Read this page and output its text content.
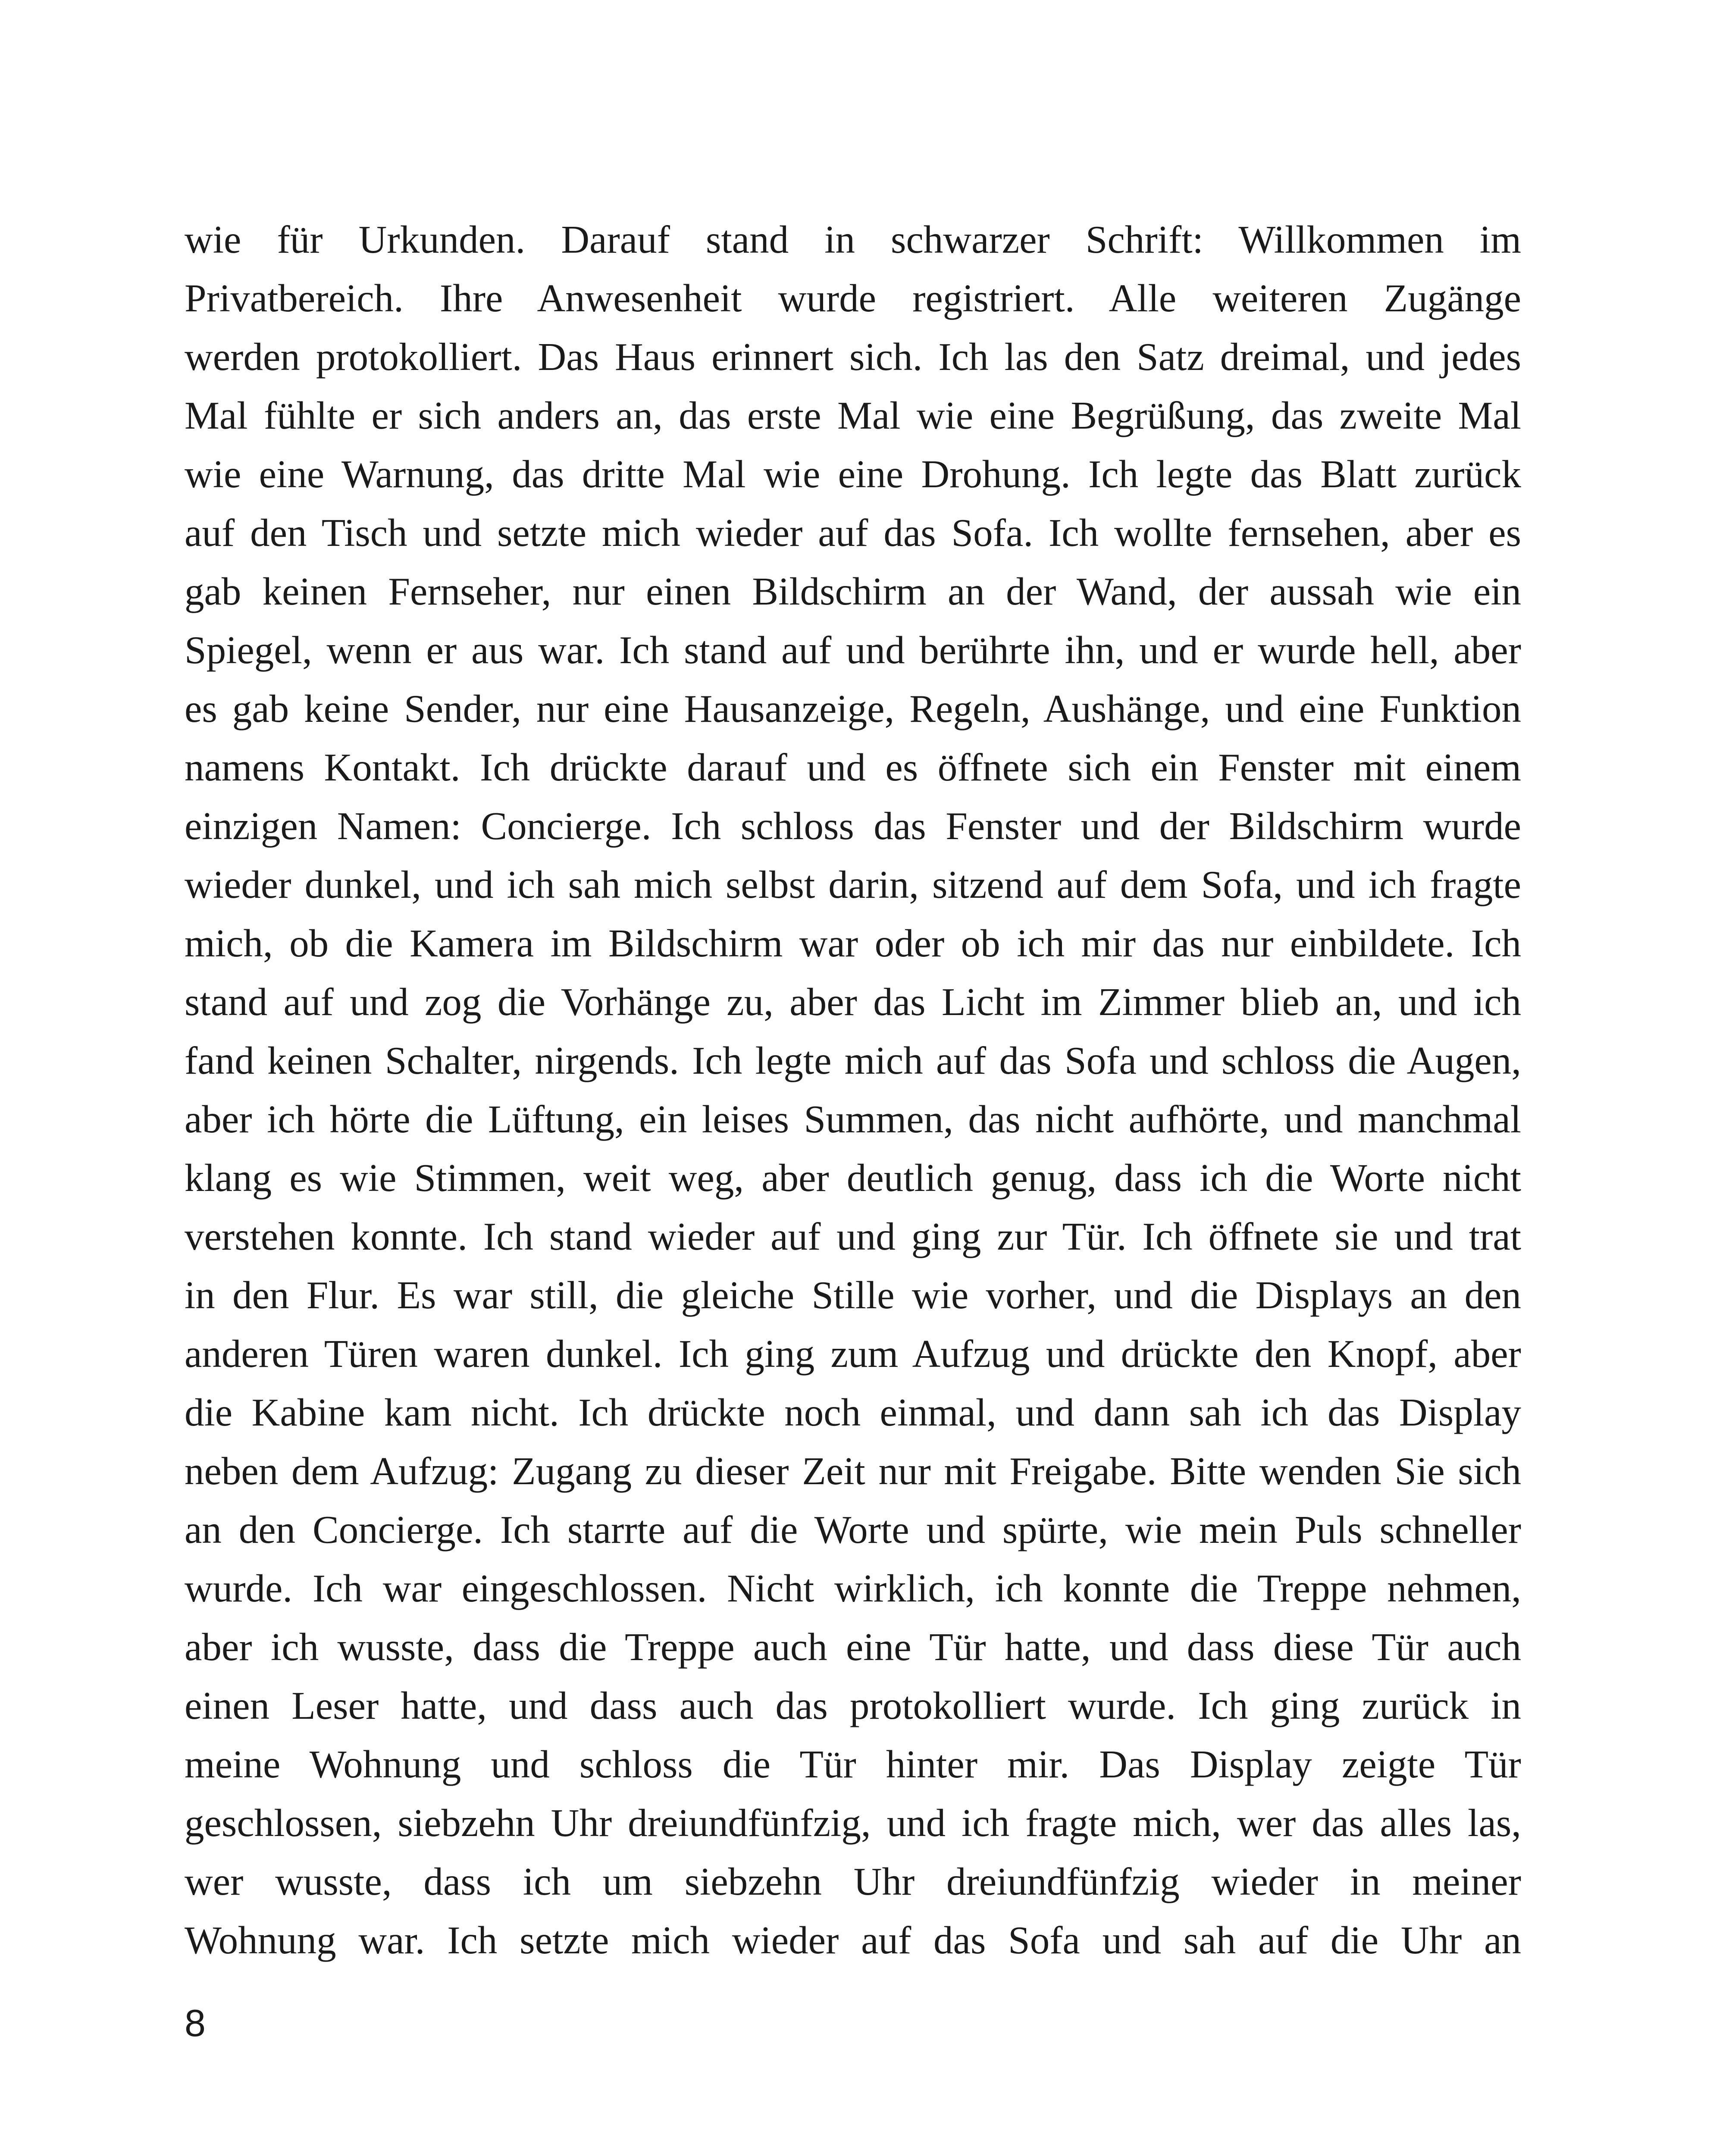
wie für Urkunden. Darauf stand in schwarzer Schrift: Willkommen im
Privatbereich. Ihre Anwesenheit wurde registriert. Alle weiteren Zugänge
werden protokolliert. Das Haus erinnert sich. Ich las den Satz dreimal, und jedes
Mal fühlte er sich anders an, das erste Mal wie eine Begrüßung, das zweite Mal
wie eine Warnung, das dritte Mal wie eine Drohung. Ich legte das Blatt zurück
auf den Tisch und setzte mich wieder auf das Sofa. Ich wollte fernsehen, aber es
gab keinen Fernseher, nur einen Bildschirm an der Wand, der aussah wie ein
Spiegel, wenn er aus war. Ich stand auf und berührte ihn, und er wurde hell, aber
es gab keine Sender, nur eine Hausanzeige, Regeln, Aushänge, und eine Funktion
namens Kontakt. Ich drückte darauf und es öffnete sich ein Fenster mit einem
einzigen Namen: Concierge. Ich schloss das Fenster und der Bildschirm wurde
wieder dunkel, und ich sah mich selbst darin, sitzend auf dem Sofa, und ich fragte
mich, ob die Kamera im Bildschirm war oder ob ich mir das nur einbildete. Ich
stand auf und zog die Vorhänge zu, aber das Licht im Zimmer blieb an, und ich
fand keinen Schalter, nirgends. Ich legte mich auf das Sofa und schloss die Augen,
aber ich hörte die Lüftung, ein leises Summen, das nicht aufhörte, und manchmal
klang es wie Stimmen, weit weg, aber deutlich genug, dass ich die Worte nicht
verstehen konnte. Ich stand wieder auf und ging zur Tür. Ich öffnete sie und trat
in den Flur. Es war still, die gleiche Stille wie vorher, und die Displays an den
anderen Türen waren dunkel. Ich ging zum Aufzug und drückte den Knopf, aber
die Kabine kam nicht. Ich drückte noch einmal, und dann sah ich das Display
neben dem Aufzug: Zugang zu dieser Zeit nur mit Freigabe. Bitte wenden Sie sich
an den Concierge. Ich starrte auf die Worte und spürte, wie mein Puls schneller
wurde. Ich war eingeschlossen. Nicht wirklich, ich konnte die Treppe nehmen,
aber ich wusste, dass die Treppe auch eine Tür hatte, und dass diese Tür auch
einen Leser hatte, und dass auch das protokolliert wurde. Ich ging zurück in
meine Wohnung und schloss die Tür hinter mir. Das Display zeigte Tür
geschlossen, siebzehn Uhr dreiundfünfzig, und ich fragte mich, wer das alles las,
wer wusste, dass ich um siebzehn Uhr dreiundfünfzig wieder in meiner
Wohnung war. Ich setzte mich wieder auf das Sofa und sah auf die Uhr an
8
